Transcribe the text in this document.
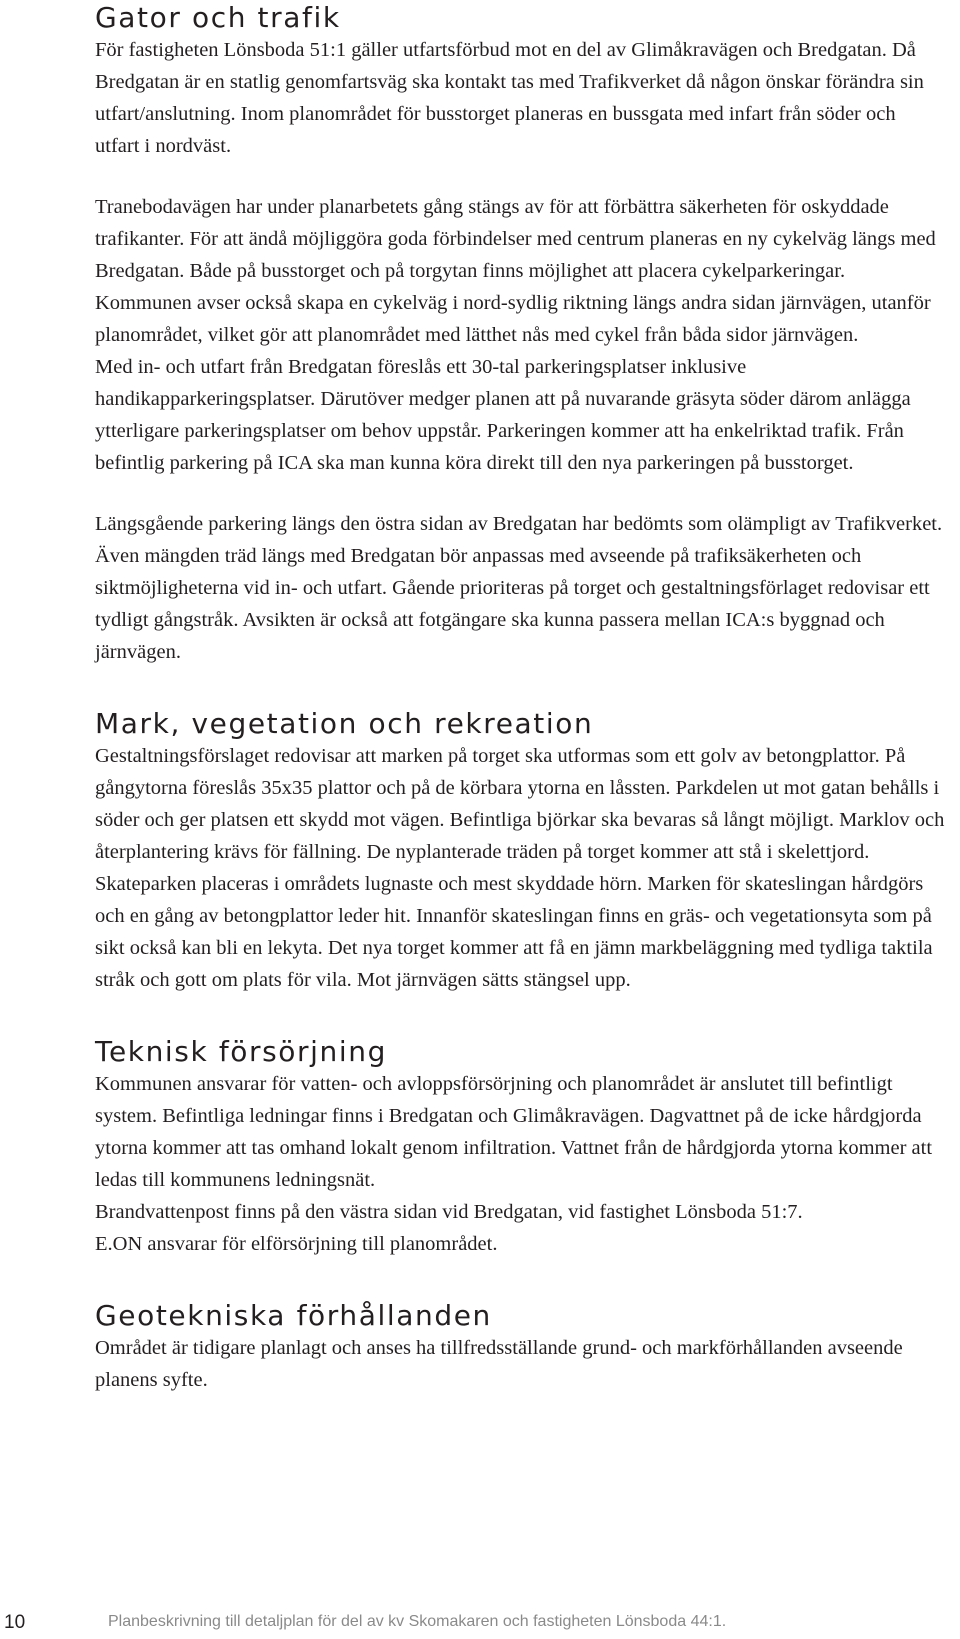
Gator och trafik

För fastigheten Lönsboda 51:1 gäller utfartsförbud mot en del av Glimåkravägen och Bredgatan. Då Bredgatan är en statlig genomfartsväg ska kontakt tas med Trafikverket då någon önskar förändra sin utfart/anslutning. Inom planområdet för busstorget planeras en bussgata med infart från söder och utfart i nordväst.

Tranebodavägen har under planarbetets gång stängs av för att förbättra säkerheten för oskyddade trafikanter. För att ändå möjliggöra goda förbindelser med centrum planeras en ny cykelväg längs med Bredgatan. Både på busstorget och på torgytan finns möjlighet att placera cykelparkeringar. Kommunen avser också skapa en cykelväg i nord-sydlig riktning längs andra sidan järnvägen, utanför planområdet, vilket gör att planområdet med lätthet nås med cykel från båda sidor järnvägen.

Med in- och utfart från Bredgatan föreslås ett 30-tal parkeringsplatser inklusive handikapparkeringsplatser. Därutöver medger planen att på nuvarande gräsyta söder därom anlägga ytterligare parkeringsplatser om behov uppstår. Parkeringen kommer att ha enkelriktad trafik. Från befintlig parkering på ICA ska man kunna köra direkt till den nya parkeringen på busstorget.

Längsgående parkering längs den östra sidan av Bredgatan har bedömts som olämpligt av Trafikverket. Även mängden träd längs med Bredgatan bör anpassas med avseende på trafiksäkerheten och siktmöjligheterna vid in- och utfart. Gående prioriteras på torget och gestaltningsförlaget redovisar ett tydligt gångstråk. Avsikten är också att fotgängare ska kunna passera mellan ICA:s byggnad och järnvägen.

Mark, vegetation och rekreation

Gestaltningsförslaget redovisar att marken på torget ska utformas som ett golv av betongplattor. På gångytorna föreslås 35x35 plattor och på de körbara ytorna en låssten. Parkdelen ut mot gatan behålls i söder och ger platsen ett skydd mot vägen. Befintliga björkar ska bevaras så långt möjligt. Marklov och återplantering krävs för fällning. De nyplanterade träden på torget kommer att stå i skelettjord. Skateparken placeras i områdets lugnaste och mest skyddade hörn. Marken för skateslingan hårdgörs och en gång av betongplattor leder hit. Innanför skateslingan finns en gräs- och vegetationsyta som på sikt också kan bli en lekyta. Det nya torget kommer att få en jämn markbeläggning med tydliga taktila stråk och gott om plats för vila. Mot järnvägen sätts stängsel upp.

Teknisk försörjning

Kommunen ansvarar för vatten- och avloppsförsörjning och planområdet är anslutet till befintligt system. Befintliga ledningar finns i Bredgatan och Glimåkravägen. Dagvattnet på de icke hårdgjorda ytorna kommer att tas omhand lokalt genom infiltration. Vattnet från de hårdgjorda ytorna kommer att ledas till kommunens ledningsnät.

Brandvattenpost finns på den västra sidan vid Bredgatan, vid fastighet Lönsboda 51:7.

E.ON ansvarar för elförsörjning till planområdet.

Geotekniska förhållanden

Området är tidigare planlagt och anses ha tillfredsställande grund- och markförhållanden avseende planens syfte.

10	Planbeskrivning till detaljplan för del av kv Skomakaren och fastigheten Lönsboda 44:1.
